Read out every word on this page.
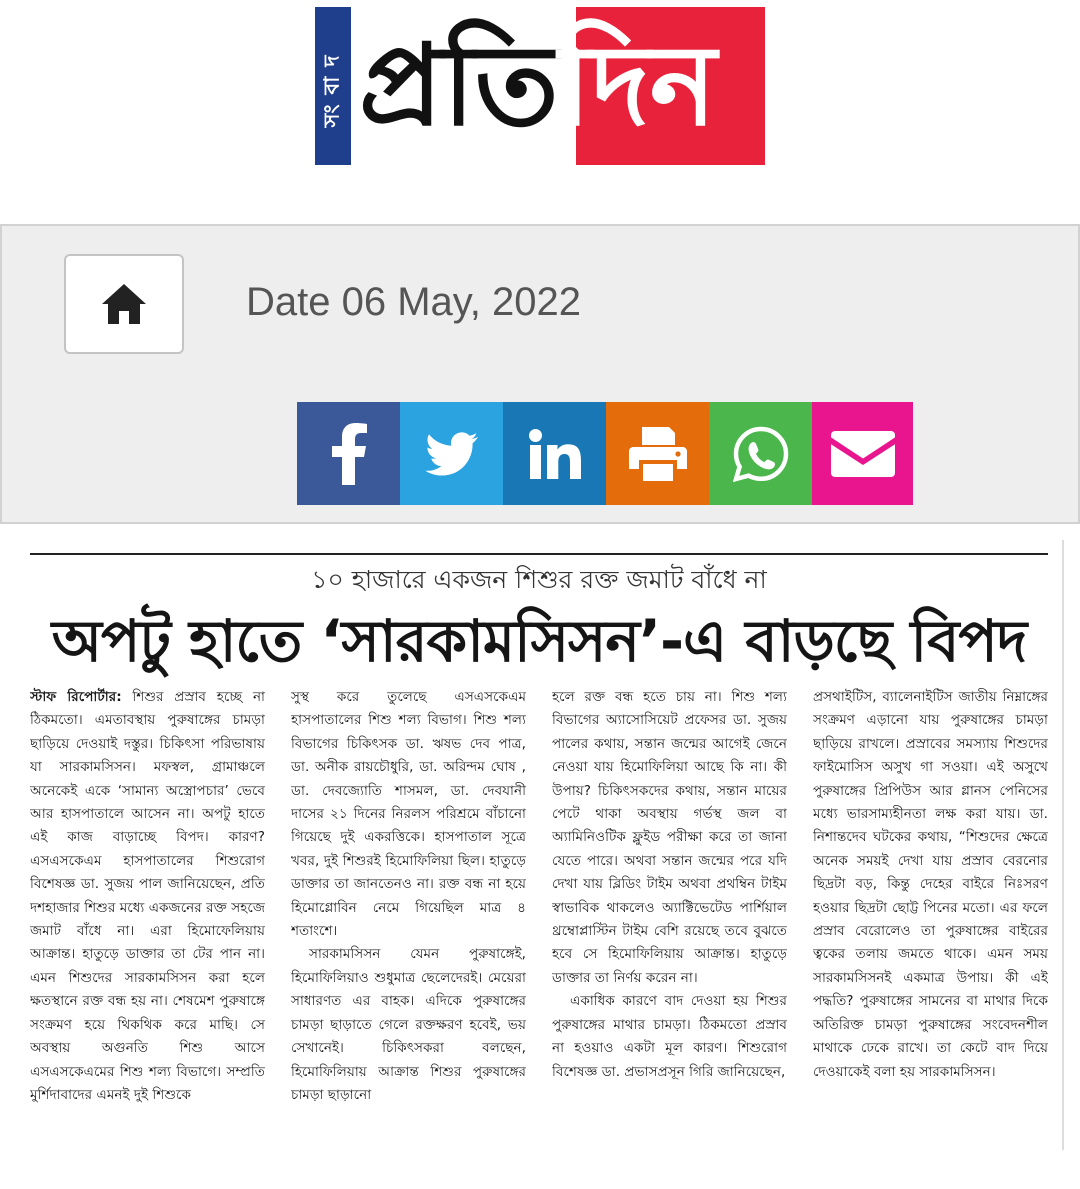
সংবাদ প্রতিদিন
Date 06 May, 2022
১০ হাজারে একজন শিশুর রক্ত জমাট বাঁধে না
অপটু হাতে ‘সারকামসিসন’-এ বাড়ছে বিপদ

স্টাফ রিপোর্টার: শিশুর প্রস্রাব হচ্ছে না ঠিকমতো। এমতাবস্থায় পুরুষাঙ্গের চামড়া ছাড়িয়ে দেওয়াই দস্তুর। চিকিৎসা পরিভাষায় যা সারকামসিসন। মফস্বল, গ্রামাঞ্চলে অনেকেই একে ‘সামান্য অস্ত্রোপচার’ ভেবে আর হাসপাতালে আসেন না। অপটু হাতে এই কাজ বাড়াচ্ছে বিপদ। কারণ? এসএসকেএম হাসপাতালের শিশুরোগ বিশেষজ্ঞ ডা. সুজয় পাল জানিয়েছেন, প্রতি দশহাজার শিশুর মধ্যে একজনের রক্ত সহজে জমাট বাঁধে না। এরা হিমোফেলিয়ায় আক্রান্ত। হাতুড়ে ডাক্তার তা টের পান না। এমন শিশুদের সারকামসিসন করা হলে ক্ষতস্থানে রক্ত বন্ধ হয় না। শেষমেশ পুরুষাঙ্গে সংক্রমণ হয়ে থিকথিক করে মাছি। সে অবস্থায় অগুনতি শিশু আসে এসএসকেএমের শিশু শল্য বিভাগে। সম্প্রতি মুর্শিদাবাদের এমনই দুই শিশুকে

সুস্থ করে তুলেছে এসএসকেএম হাসপাতালের শিশু শল্য বিভাগ। শিশু শল্য বিভাগের চিকিৎসক ডা. ঋষভ দেব পাত্র, ডা. অনীক রায়চৌধুরি, ডা. অরিন্দম ঘোষ , ডা. দেবজ্যোতি শাসমল, ডা. দেবযানী দাসের ২১ দিনের নিরলস পরিশ্রমে বাঁচানো গিয়েছে দুই একরত্তিকে। হাসপাতাল সূত্রে খবর, দুই শিশুরই হিমোফিলিয়া ছিল। হাতুড়ে ডাক্তার তা জানতেনও না। রক্ত বন্ধ না হয়ে হিমোগ্লোবিন নেমে গিয়েছিল মাত্র ৪ শতাংশে।

সারকামসিসন যেমন পুরুষাঙ্গেই, হিমোফিলিয়াও শুধুমাত্র ছেলেদেরই। মেয়েরা সাধারণত এর বাহক। এদিকে পুরুষাঙ্গের চামড়া ছাড়াতে গেলে রক্তক্ষরণ হবেই, ভয় সেখানেই। চিকিৎসকরা বলছেন, হিমোফিলিয়ায় আক্রান্ত শিশুর পুরুষাঙ্গের চামড়া ছাড়ানো

হলে রক্ত বন্ধ হতে চায় না। শিশু শল্য বিভাগের অ্যাসোসিয়েট প্রফেসর ডা. সুজয় পালের কথায়, সন্তান জন্মের আগেই জেনে নেওয়া যায় হিমোফিলিয়া আছে কি না। কী উপায়? চিকিৎসকদের কথায়, সন্তান মায়ের পেটে থাকা অবস্থায় গর্ভস্থ জল বা অ্যামিনিওটিক ফ্লুইড পরীক্ষা করে তা জানা যেতে পারে। অথবা সন্তান জন্মের পরে যদি দেখা যায় ব্লিডিং টাইম অথবা প্রথম্বিন টাইম স্বাভাবিক থাকলেও অ্যাক্টিভেটেড পার্শিয়াল থ্রম্বোপ্লাস্টিন টাইম বেশি রয়েছে তবে বুঝতে হবে সে হিমোফিলিয়ায় আক্রান্ত। হাতুড়ে ডাক্তার তা নির্ণয় করেন না।

একাধিক কারণে বাদ দেওয়া হয় শিশুর পুরুষাঙ্গের মাথার চামড়া। ঠিকমতো প্রস্রাব না হওয়াও একটা মূল কারণ। শিশুরোগ বিশেষজ্ঞ ডা. প্রভাসপ্রসূন গিরি জানিয়েছেন,

প্রসথাইটিস, ব্যালেনাইটিস জাতীয় নিম্নাঙ্গের সংক্রমণ এড়ানো যায় পুরুষাঙ্গের চামড়া ছাড়িয়ে রাখলে। প্রস্রাবের সমস্যায় শিশুদের ফাইমোসিস অসুখ গা সওয়া। এই অসুখে পুরুষাঙ্গের প্রিপিউস আর গ্লানস পেনিসের মধ্যে ভারসাম্যহীনতা লক্ষ করা যায়। ডা. নিশান্তদেব ঘটকের কথায়, “শিশুদের ক্ষেত্রে অনেক সময়ই দেখা যায় প্রস্রাব বেরনোর ছিদ্রটা বড়, কিন্তু দেহের বাইরে নিঃসরণ হওয়ার ছিদ্রটা ছোট্ট পিনের মতো। এর ফলে প্রস্রাব বেরোলেও তা পুরুষাঙ্গের বাইরের ত্বকের তলায় জমতে থাকে। এমন সময় সারকামসিসনই একমাত্র উপায়। কী এই পদ্ধতি? পুরুষাঙ্গের সামনের বা মাথার দিকে অতিরিক্ত চামড়া পুরুষাঙ্গের সংবেদনশীল মাথাকে ঢেকে রাখে। তা কেটে বাদ দিয়ে দেওয়াকেই বলা হয় সারকামসিসন।
